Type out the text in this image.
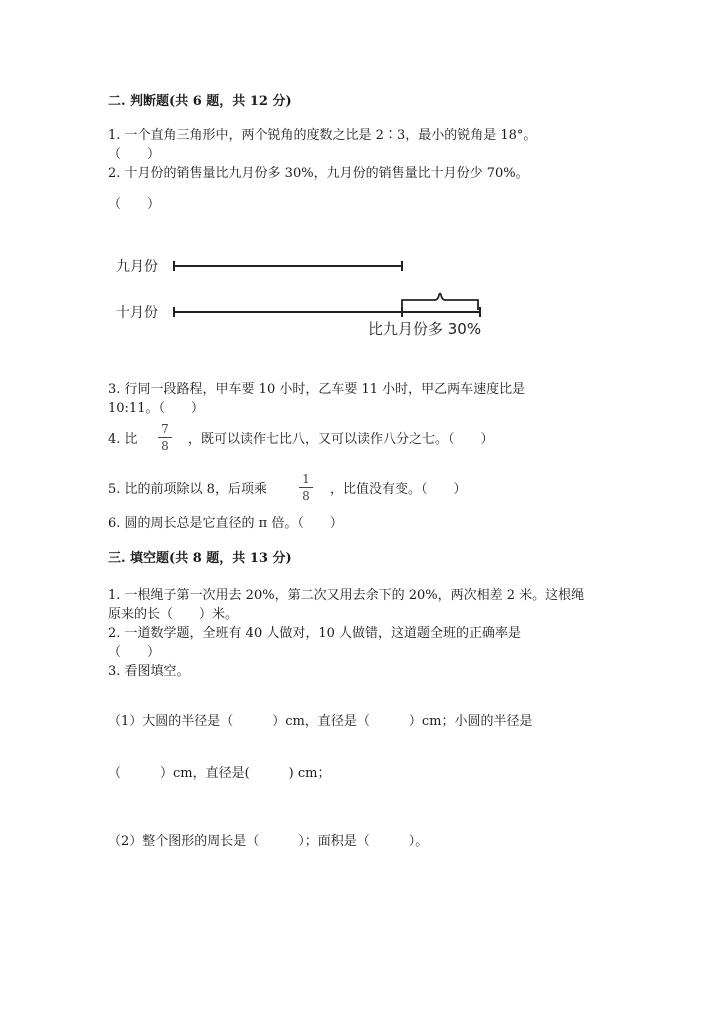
二. 判断题(共 6 题，共 12 分)
1. 一个直角三角形中，两个锐角的度数之比是 2∶3，最小的锐角是 18°。
（　　）
2. 十月份的销售量比九月份多 30%，九月份的销售量比十月份少 70%。
（　　）
九月份
十月份
比九月份多 30%
3. 行同一段路程，甲车要 10 小时，乙车要 11 小时，甲乙两车速度比是
10:11。（　　）
4. 比
7
8 ，既可以读作七比八，又可以读作八分之七。（　　）
5. 比的前项除以 8，后项乘
1
8 ，比值没有变。（　　）
6. 圆的周长总是它直径的 π 倍。（　　）
三. 填空题(共 8 题，共 13 分)
1. 一根绳子第一次用去 20%，第二次又用去余下的 20%，两次相差 2 米。这根绳
原来的长（　　）米。
2. 一道数学题，全班有 40 人做对，10 人做错，这道题全班的正确率是
（　　）
3. 看图填空。
（1）大圆的半径是（　　　）cm，直径是（　　　）cm；小圆的半径是
（　　　）cm，直径是(　　　) cm；
（2）整个图形的周长是（　　　）；面积是（　　　）。
